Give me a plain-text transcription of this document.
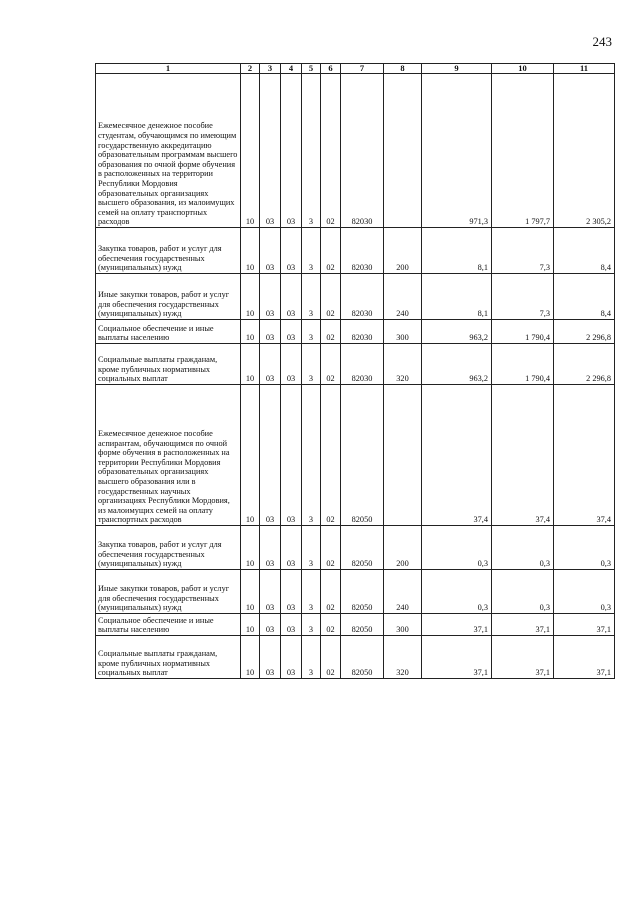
243
1	2	3	4	5	6	7	8	9	10	11
Ежемесячное денежное пособие студентам, обучающимся по имеющим государственную аккредитацию образовательным программам высшего образования по очной форме обучения в расположенных на территории Республики Мордовия образовательных организациях высшего образования, из малоимущих семей на оплату транспортных расходов	10	03	03	3	02	82030		971,3	1 797,7	2 305,2
Закупка товаров, работ и услуг для обеспечения государственных (муниципальных) нужд	10	03	03	3	02	82030	200	8,1	7,3	8,4
Иные закупки товаров, работ и услуг для обеспечения государственных (муниципальных) нужд	10	03	03	3	02	82030	240	8,1	7,3	8,4
Социальное обеспечение и иные выплаты населению	10	03	03	3	02	82030	300	963,2	1 790,4	2 296,8
Социальные выплаты гражданам, кроме публичных нормативных социальных выплат	10	03	03	3	02	82030	320	963,2	1 790,4	2 296,8
Ежемесячное денежное пособие аспирантам, обучающимся по очной форме обучения в расположенных на территории Республики Мордовия образовательных организациях высшего образования или в государственных научных организациях Республики Мордовия, из малоимущих семей на оплату транспортных расходов	10	03	03	3	02	82050		37,4	37,4	37,4
Закупка товаров, работ и услуг для обеспечения государственных (муниципальных) нужд	10	03	03	3	02	82050	200	0,3	0,3	0,3
Иные закупки товаров, работ и услуг для обеспечения государственных (муниципальных) нужд	10	03	03	3	02	82050	240	0,3	0,3	0,3
Социальное обеспечение и иные выплаты населению	10	03	03	3	02	82050	300	37,1	37,1	37,1
Социальные выплаты гражданам, кроме публичных нормативных социальных выплат	10	03	03	3	02	82050	320	37,1	37,1	37,1
